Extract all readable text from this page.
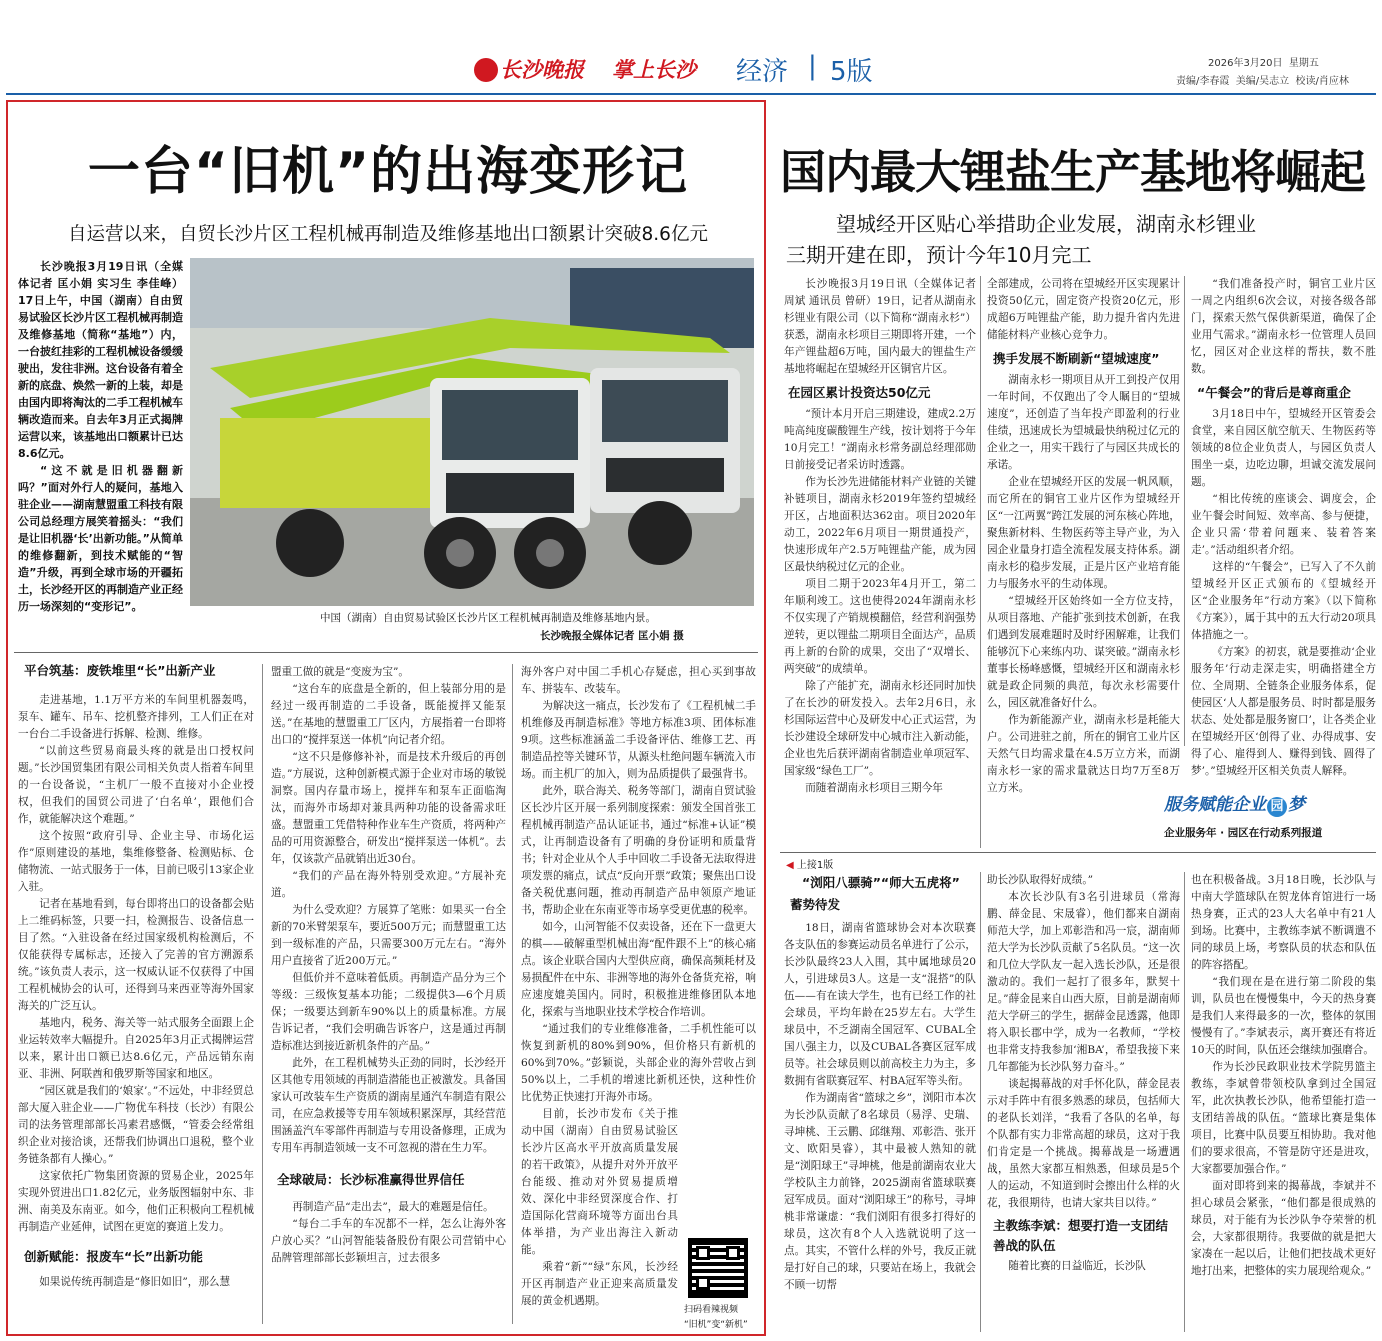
长沙晚报 掌上长沙 经济 | 5版	2026年3月20日  星期五
责编/李春霞  美编/吴志立  校读/肖应林
一台“旧机”的出海变形记
自运营以来，自贸长沙片区工程机械再制造及维修基地出口额累计突破8.6亿元

长沙晚报3月19日讯（全媒体记者 匡小娟 实习生 李佳峰）17日上午，中国（湖南）自由贸易试验区长沙片区工程机械再制造及维修基地（简称“基地”）内，一台披红挂彩的工程机械设备缓缓驶出，发往非洲。这台设备有着全新的底盘、焕然一新的上装，却是由国内即将淘汰的二手工程机械车辆改造而来。自去年3月正式揭牌运营以来，该基地出口额累计已达8.6亿元。

“这不就是旧机器翻新吗？”面对外行人的疑问，基地入驻企业——湖南慧盟重工科技有限公司总经理方展笑着摇头：“我们是让旧机器‘长’出新功能。”从简单的维修翻新，到技术赋能的“智造”升级，再到全球市场的开疆拓土，长沙经开区的再制造产业正经历一场深刻的“变形记”。

中国（湖南）自由贸易试验区长沙片区工程机械再制造及维修基地内景。
长沙晚报全媒体记者 匡小娟 摄
平台筑基：废铁堆里“长”出新产业

走进基地，1.1万平方米的车间里机器轰鸣，泵车、罐车、吊车、挖机整齐排列，工人们正在对一台台二手设备进行拆解、检测、维修。

“以前这些贸易商最头疼的就是出口授权问题。”长沙国贸集团有限公司相关负责人指着车间里的一台设备说，“主机厂一般不直接对小企业授权，但我们的国贸公司进了‘白名单’，跟他们合作，就能解决这个难题。”

这个按照“政府引导、企业主导、市场化运作”原则建设的基地，集维修整备、检测贴标、仓储物流、一站式服务于一体，目前已吸引13家企业入驻。

记者在基地看到，每台即将出口的设备都会贴上二维码标签，只要一扫，检测报告、设备信息一目了然。“入驻设备在经过国家级机构检测后，不仅能获得专属标志，还接入了完善的官方溯源系统。”该负责人表示，这一权威认证不仅获得了中国工程机械协会的认可，还得到马来西亚等海外国家海关的广泛互认。

基地内，税务、海关等一站式服务全面跟上企业运转效率大幅提升。自2025年3月正式揭牌运营以来，累计出口额已达8.6亿元，产品远销东南亚、非洲、阿联酋和俄罗斯等国家和地区。

“园区就是我们的‘娘家’。”不远处，中非经贸总部大厦入驻企业——广物优车科技（长沙）有限公司的法务管理部部长冯素君感慨，“管委会经常组织企业对接洽谈，还帮我们协调出口退税，整个业务链条都有人操心。”

这家依托广物集团资源的贸易企业，2025年实现外贸进出口1.82亿元，业务版图辐射中东、非洲、南美及东南亚。如今，他们正积极向工程机械再制造产业延伸，试图在更宽的赛道上发力。

创新赋能：报废车“长”出新功能

如果说传统再制造是“修旧如旧”，那么慧

盟重工做的就是“变废为宝”。

“这台车的底盘是全新的，但上装部分用的是经过一级再制造的二手设备，既能搅拌又能泵送。”在基地的慧盟重工厂区内，方展指着一台即将出口的“搅拌泵送一体机”向记者介绍。

“这不只是修修补补，而是技术升级后的再创造。”方展说，这种创新模式源于企业对市场的敏锐洞察。国内存量市场上，搅拌车和泵车正面临淘汰，而海外市场却对兼具两种功能的设备需求旺盛。慧盟重工凭借特种作业车生产资质，将两种产品的可用资源整合，研发出“搅拌泵送一体机”。去年，仅该款产品就销出近30台。

“我们的产品在海外特别受欢迎。”方展补充道。

为什么受欢迎？方展算了笔账：如果买一台全新的70米臂架泵车，要近500万元；而慧盟重工达到一级标准的产品，只需要300万元左右。“海外用户直接省了近200万元。”

但低价并不意味着低质。再制造产品分为三个等级：三级恢复基本功能；二级提供3—6个月质保；一级要达到新车90%以上的质量标准。方展告诉记者，“我们会明确告诉客户，这是通过再制造标准达到接近新机条件的产品。”

此外，在工程机械势头正劲的同时，长沙经开区其他专用领域的再制造潜能也正被激发。具备国家认可改装车生产资质的湖南星通汽车制造有限公司，在应急救援等专用车领域积累深厚，其经营范围涵盖汽车零部件再制造与专用设备修理，正成为专用车再制造领域一支不可忽视的潜在生力军。

全球破局：长沙标准赢得世界信任

再制造产品“走出去”，最大的难题是信任。

“每台二手车的车况都不一样，怎么让海外客户放心买？”山河智能装备股份有限公司营销中心品牌管理部部长彭颖坦言，过去很多

海外客户对中国二手机心存疑虑，担心买到事故车、拼装车、改装车。

为解决这一痛点，长沙发布了《工程机械二手机维修及再制造标准》等地方标准3项、团体标准9项。这些标准涵盖二手设备评估、维修工艺、再制造品控等关键环节，从源头杜绝问题车辆流入市场。而主机厂的加入，则为品质提供了最强背书。

此外，联合海关、税务等部门，湖南自贸试验区长沙片区开展一系列制度探索：颁发全国首张工程机械再制造产品认证证书，通过“标准+认证”模式，让再制造设备有了明确的身份证明和质量背书；针对企业从个人手中回收二手设备无法取得进项发票的痛点，试点“反向开票”政策；聚焦出口设备关税优惠问题，推动再制造产品申领原产地证书，帮助企业在东南亚等市场享受更优惠的税率。

如今，山河智能不仅卖设备，还在下一盘更大的棋——破解重型机械出海“配件跟不上”的核心痛点。该企业联合国内大型供应商，确保高频耗材及易损配件在中东、非洲等地的海外仓备货充裕，响应速度媲美国内。同时，积极推进维修团队本地化，探索与当地职业技术学校合作培训。

“通过我们的专业维修准备，二手机性能可以恢复到新机的80%到90%，但价格只有新机的60%到70%。”彭颖说，头部企业的海外营收占到50%以上，二手机的增速比新机还快，这种性价比优势正快速打开海外市场。

目前，长沙市发布《关于推动中国（湖南）自由贸易试验区长沙片区高水平开放高质量发展的若干政策》，从提升对外开放平台能级、推动对外贸易提质增效、深化中非经贸深度合作、打造国际化营商环境等方面出台具体举措，为产业出海注入新动能。

乘着“新”“绿”东风，长沙经开区再制造产业正迎来高质量发展的黄金机遇期。

扫码看辣视频
“旧机”变“新机”
国内最大锂盐生产基地将崛起
望城经开区贴心举措助企业发展，湖南永杉锂业
三期开建在即，预计今年10月完工

长沙晚报3月19日讯（全媒体记者 周斌 通讯员 曾研）19日，记者从湖南永杉锂业有限公司（以下简称“湖南永杉”）获悉，湖南永杉项目三期即将开建，一个年产锂盐超6万吨，国内最大的锂盐生产基地将崛起在望城经开区铜官片区。

在园区累计投资达50亿元

“预计本月开启三期建设，建成2.2万吨高纯度碳酸锂生产线，按计划将于今年10月完工！”湖南永杉常务副总经理邵勋日前接受记者采访时透露。

作为长沙先进储能材料产业链的关键补链项目，湖南永杉2019年签约望城经开区，占地面积达362亩。项目2020年动工，2022年6月项目一期贯通投产，快速形成年产2.5万吨锂盐产能，成为园区最快纳税过亿元的企业。

项目二期于2023年4月开工，第二年顺利竣工。这也使得2024年湖南永杉不仅实现了产销规模翻倍，经营利润强势逆转，更以锂盐二期项目全面达产，品质再上新的台阶的成果，交出了“双增长、两突破”的成绩单。

除了产能扩充，湖南永杉还同时加快了在长沙的研发投入。去年2月6日，永杉国际运营中心及研发中心正式运营，为长沙建设全球研发中心城市注入新动能，企业也先后获评湖南省制造业单项冠军、国家级“绿色工厂”。

而随着湖南永杉项目三期今年

全部建成，公司将在望城经开区实现累计投资50亿元，固定资产投资20亿元，形成超6万吨锂盐产能，助力提升省内先进储能材料产业核心竞争力。

携手发展不断刷新“望城速度”

湖南永杉一期项目从开工到投产仅用一年时间，不仅跑出了令人瞩目的“望城速度”，还创造了当年投产即盈利的行业佳绩，迅速成长为望城最快纳税过亿元的企业之一，用实干践行了与园区共成长的承诺。

企业在望城经开区的发展一帆风顺，而它所在的铜官工业片区作为望城经开区“一江两翼”跨江发展的河东核心阵地，聚焦新材料、生物医药等主导产业，为入园企业量身打造全流程发展支持体系。湖南永杉的稳步发展，正是片区产业培育能力与服务水平的生动体现。

“望城经开区始终如一全方位支持，从项目落地、产能扩张到技术创新，在我们遇到发展难题时及时纾困解难，让我们能够沉下心来练内功、谋突破。”湖南永杉董事长杨峰感慨，望城经开区和湖南永杉就是政企同频的典范，每次永杉需要什么，园区就准备好什么。

作为新能源产业，湖南永杉是耗能大户。公司进驻之前，所在的铜官工业片区天然气日均需求量在4.5万立方米，而湖南永杉一家的需求量就达日均7万至8万立方米。

“我们准备投产时，铜官工业片区一周之内组织6次会议，对接各级各部门，探索天然气保供新渠道，确保了企业用气需求。”湖南永杉一位管理人员回忆，园区对企业这样的帮扶，数不胜数。

“午餐会”的背后是尊商重企

3月18日中午，望城经开区管委会食堂，来自园区航空航天、生物医药等领域的8位企业负责人，与园区负责人围坐一桌，边吃边聊，坦诚交流发展问题。

“相比传统的座谈会、调度会，企业午餐会时间短、效率高、参与便捷，企业只需‘带着问题来、装着答案走’。”活动组织者介绍。

这样的“午餐会”，已写入了不久前望城经开区正式颁布的《望城经开区“企业服务年”行动方案》（以下简称《方案》），属于其中的五大行动20项具体措施之一。

《方案》的初衷，就是要推动‘企业服务年’行动走深走实，明确搭建全方位、全周期、全链条企业服务体系，促使园区‘人人都是服务员、时时都是服务状态、处处都是服务窗口’，让各类企业在望城经开区‘创得了业、办得成事、安得了心、雇得到人、赚得到钱、圆得了梦’。”望城经开区相关负责人解释。

服务赋能企业 园 梦
企业服务年 · 园区在行动系列报道
◀ 上接1版
“浏阳八骠骑”“师大五虎将”
蓄势待发

18日，湖南省篮球协会对本次联赛各支队伍的参赛运动员名单进行了公示，长沙队最终23人入围，其中属地球员20人，引进球员3人。这是一支“混搭”的队伍——有在读大学生，也有已经工作的社会球员，平均年龄在25岁左右。大学生球员中，不乏湖南全国冠军、CUBAL全国八强主力，以及CUBAL各赛区冠军成员等。社会球员则以前高校主力为主，多数拥有省联赛冠军、村BA冠军等头衔。

作为湖南省“篮球之乡”，浏阳市本次为长沙队贡献了8名球员（易浮、史瑞、寻坤桃、王云鹏、邱继翔、邓彰浩、张开文、欧阳昊睿），其中最被人熟知的就是“浏阳球王”寻坤桃，他是前湖南农业大学校队主力前锋，2025湖南省篮球联赛冠军成员。面对“浏阳球王”的称号，寻坤桃非常谦虚：“我们浏阳有很多打得好的球员，这次有8个人入选就说明了这一点。其实，不管什么样的外号，我反正就是打好自己的球，只要站在场上，我就会不顾一切帮

助长沙队取得好成绩。”

本次长沙队有3名引进球员（常海鹏、薛金昆、宋晟睿），他们都来自湖南师范大学，加上邓彰浩和冯一宸，湖南师范大学为长沙队贡献了5名队员。“这一次和几位大学队友一起入选长沙队，还是很激动的。我们一起打了很多年，默契十足。”薛金昆来自山西大原，目前是湖南师范大学研三的学生，据薛金昆透露，他即将入职长郡中学，成为一名教师，“学校也非常支持我参加‘湘BA’，希望我接下来几年都能为长沙队努力奋斗。”

谈起揭幕战的对手怀化队，薛金昆表示对手阵中有很多熟悉的球员，包括师大的老队长刘洋，“我看了各队的名单，每个队都有实力非常高超的球员，这对于我们肯定是一个挑战。揭幕战是一场遭遇战，虽然大家都互相熟悉，但球员是5个人的运动，不知道到时会擦出什么样的火花，我很期待，也请大家共目以待。”

主教练李斌：想要打造一支团结善战的队伍

随着比赛的日益临近，长沙队

也在积极备战。3月18日晚，长沙队与中南大学篮球队在贺龙体育馆进行一场热身赛，正式的23人大名单中有21人到场。比赛中，主教练李斌不断调遣不同的球员上场，考察队员的状态和队伍的阵容搭配。

“我们现在是在进行第二阶段的集训，队员也在慢慢集中，今天的热身赛是我们人来得最多的一次，整体的氛围慢慢有了。”李斌表示，离开赛还有将近10天的时间，队伍还会继续加强磨合。

作为长沙民政职业技术学院男篮主教练，李斌曾带领校队拿到过全国冠军，此次执教长沙队，他希望能打造一支团结善战的队伍。“篮球比赛是集体项目，比赛中队员要互相协助。我对他们的要求很高，不管是防守还是进攻，大家都要加强合作。”

面对即将到来的揭幕战，李斌并不担心球员会紧张，“他们都是很成熟的球员，对于能有为长沙队争夺荣誉的机会，大家都很期待。我要做的就是把大家凑在一起以后，让他们把技战术更好地打出来，把整体的实力展现给观众。”
